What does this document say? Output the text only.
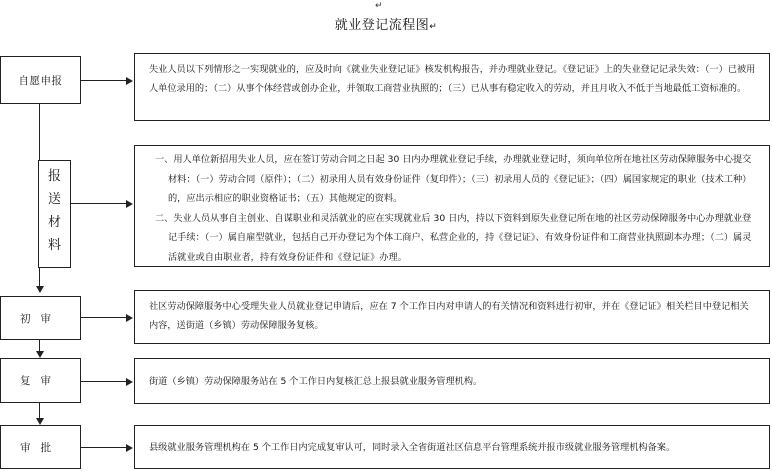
↵
就业登记流程图↵
自愿申报
失业人员以下列情形之一实现就业的，应及时向《就业失业登记证》核发机构报告，并办理就业登记。《登记证》上的失业登记记录失效：（一）已被用人单位录用的；（二）从事个体经营或创办企业，并领取工商营业执照的；（三）已从事有稳定收入的劳动，并且月收入不低于当地最低工资标准的。
报
送
材
料

一、用人单位新招用失业人员，应在签订劳动合同之日起 30 日内办理就业登记手续，办理就业登记时，须向单位所在地社区劳动保障服务中心提交材料：（一）劳动合同（原件）；（二）初录用人员有效身份证件（复印件）；（三）初录用人员的《登记证》；（四）属国家规定的职业（技术工种）的，应出示相应的职业资格证书；（五）其他规定的资料。

二、失业人员从事自主创业、自谋职业和灵活就业的应在实现就业后 30 日内，持以下资料到原失业登记所在地的社区劳动保障服务中心办理就业登记手续：（一）属自雇型就业，包括自己开办登记为个体工商户、私营企业的，持《登记证》、有效身份证件和工商营业执照副本办理；（二）属灵活就业或自由职业者，持有效身份证件和《登记证》办理。

初审
社区劳动保障服务中心受理失业人员就业登记申请后，应在 7 个工作日内对申请人的有关情况和资料进行初审，并在《登记证》相关栏目中登记相关内容，送街道（乡镇）劳动保障服务复核。
复审	街道（乡镇）劳动保障服务站在 5 个工作日内复核汇总上报县就业服务管理机构。
审批	县级就业服务管理机构在 5 个工作日内完成复审认可，同时录入全省街道社区信息平台管理系统并报市级就业服务管理机构备案。
